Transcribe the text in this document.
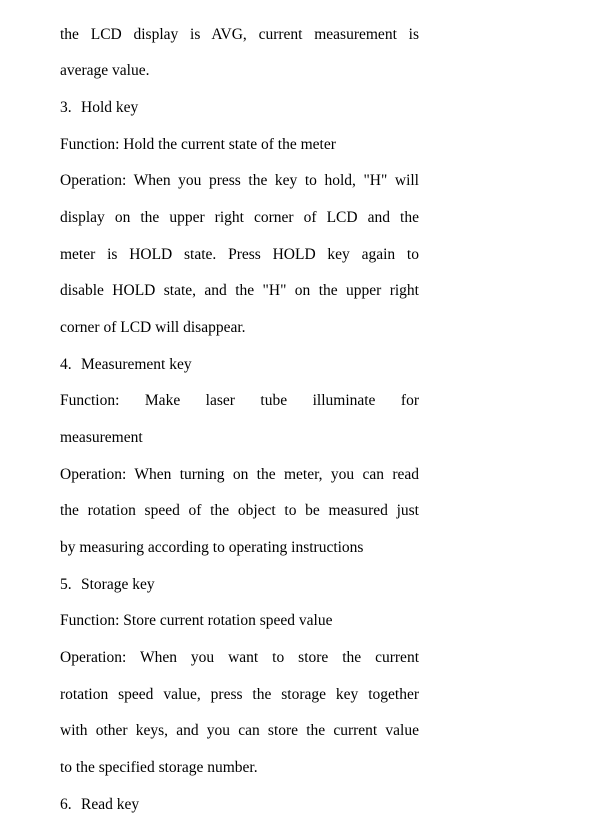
the LCD display is AVG, current measurement is
average value.
3. Hold key
Function: Hold the current state of the meter
Operation: When you press the key to hold, "H" will
display on the upper right corner of LCD and the
meter is HOLD state. Press HOLD key again to
disable HOLD state, and the "H" on the upper right
corner of LCD will disappear.
4. Measurement key
Function: Make laser tube illuminate for
measurement
Operation: When turning on the meter, you can read
the rotation speed of the object to be measured just
by measuring according to operating instructions
5. Storage key
Function: Store current rotation speed value
Operation: When you want to store the current
rotation speed value, press the storage key together
with other keys, and you can store the current value
to the specified storage number.
6. Read key
